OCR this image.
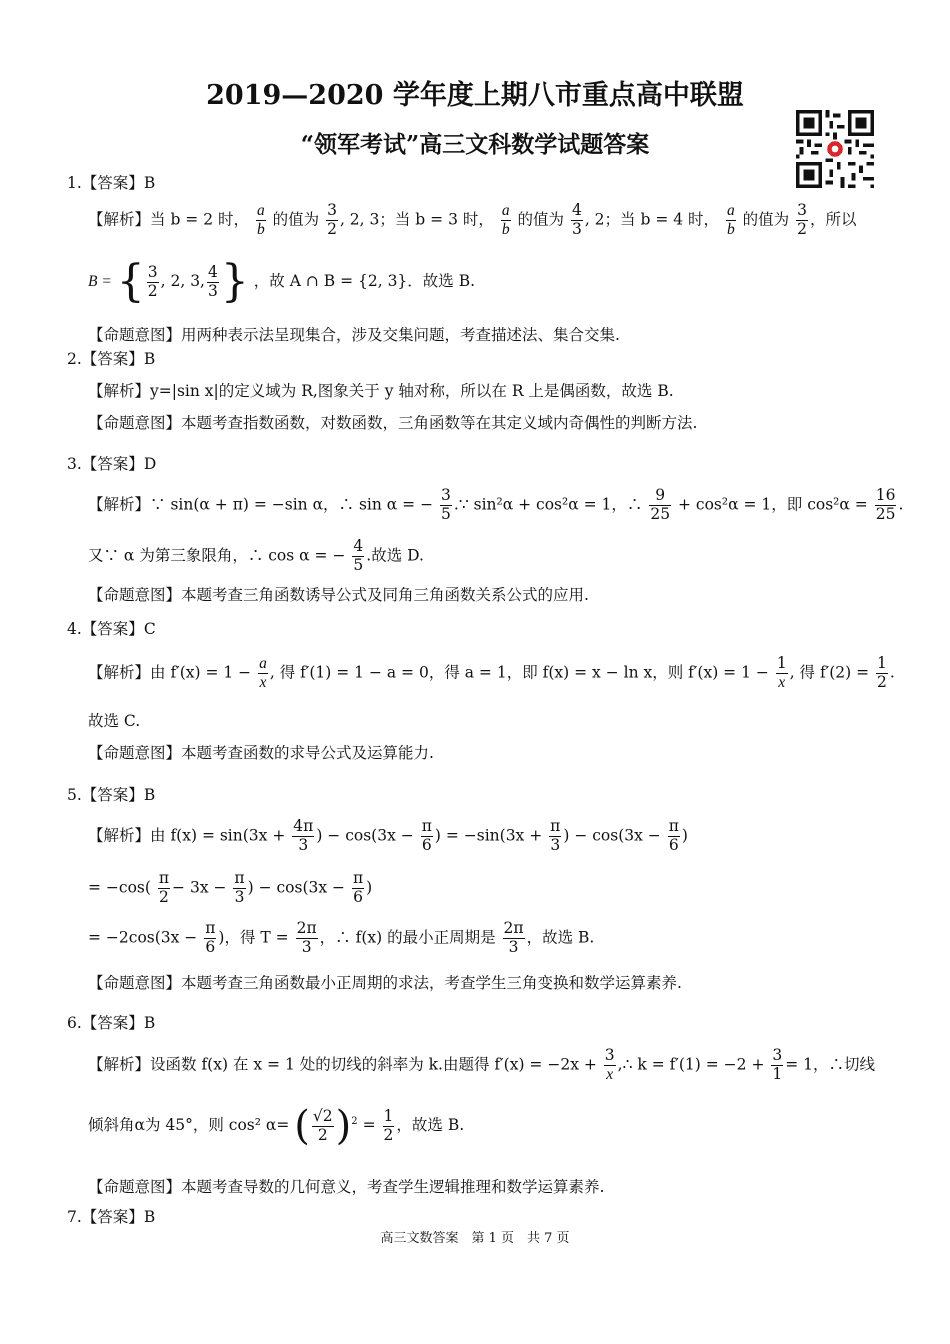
2019—2020 学年度上期八市重点高中联盟
“领军考试”高三文科数学试题答案
1.【答案】B
【解析】当 b = 2 时， $\frac{a}{b}$ 的值为 $\frac{3}{2}$ , 2, 3；当 b = 3 时， $\frac{a}{b}$ 的值为 $\frac{4}{3}$ , 2；当 b = 4 时， $\frac{a}{b}$ 的值为 $\frac{3}{2}$ ，所以
B = { $\frac{3}{2}$ , 2, 3, $\frac{4}{3}$ } ，故 A ∩ B = {2, 3}．故选 B.
【命题意图】用两种表示法呈现集合，涉及交集问题，考查描述法、集合交集.
2.【答案】B
【解析】y=|sin x|的定义域为 R,图象关于 y 轴对称，所以在 R 上是偶函数，故选 B.
【命题意图】本题考查指数函数，对数函数，三角函数等在其定义域内奇偶性的判断方法.
3.【答案】D
【解析】∵ sin(α + π) = −sin α，∴ sin α = − $\frac{3}{5}$ .∵ sin²α + cos²α = 1，∴ $\frac{9}{25} + \cos^2\alpha = 1$，即 $\cos^2\alpha = \frac{16}{25}$ .
又∵ α 为第三象限角，∴ cos α = − $\frac{4}{5}$ .故选 D.
【命题意图】本题考查三角函数诱导公式及同角三角函数关系公式的应用.
4.【答案】C
【解析】由 $f'(x) = 1 - \frac{a}{x}$ , 得 f′(1) = 1 − a = 0，得 a = 1，即 f(x) = x − ln x，则 $f'(x) = 1 - \frac{1}{x}$ , 得 $f'(2) = \frac{1}{2}$ .
故选 C.
【命题意图】本题考查函数的求导公式及运算能力.
5.【答案】B
【解析】由 $f(x) = \sin(3x + \frac{4\pi}{3}$ ) − $\cos(3x - \frac{\pi}{6}$ ) = $-\sin(3x + \frac{\pi}{3}$ ) − $\cos(3x - \frac{\pi}{6}$ )
= $-\cos( \frac{\pi}{2} - 3x - \frac{\pi}{3}$ ) − $\cos(3x - \frac{\pi}{6}$ )
= $-2\cos(3x - \frac{\pi}{6}$ )，得 $T = \frac{2\pi}{3}$ ，∴ f(x) 的最小正周期是 $\frac{2\pi}{3}$ ，故选 B.
【命题意图】本题考查三角函数最小正周期的求法，考查学生三角变换和数学运算素养.
6.【答案】B
【解析】设函数 f(x) 在 x = 1 处的切线的斜率为 k.由题得 $f'(x) = -2x + \frac{3}{x}$ ,∴ $k = f'(1) = -2 + \frac{3}{1} = 1$，∴切线
倾斜角α为 45°，则 cos² α= ( $\frac{√2}{2} )^2 = \frac{1}{2}$ ，故选 B.
【命题意图】本题考查导数的几何意义，考查学生逻辑推理和数学运算素养.
7.【答案】B
高三文数答案　第 1 页　共 7 页
